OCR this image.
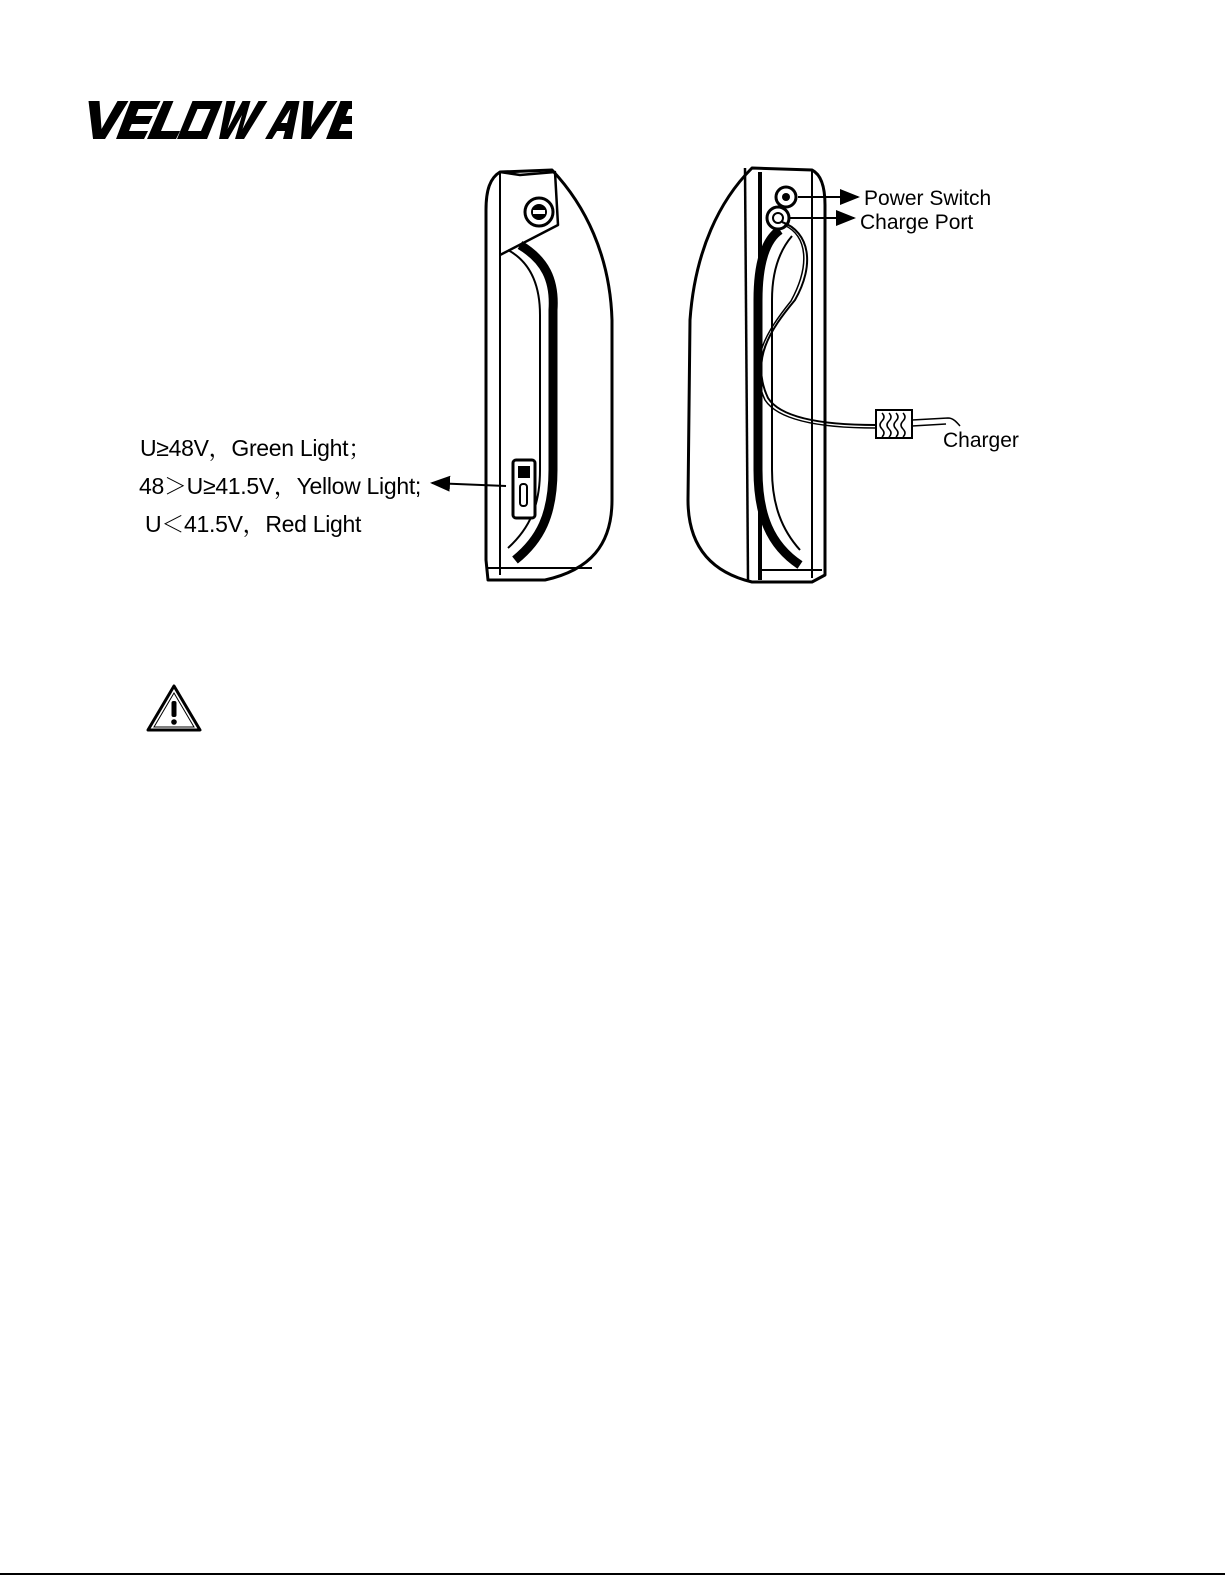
U≥48V，Green Light；
48＞U≥41.5V，Yellow Light;
U＜41.5V，Red Light
Power Switch
Charge Port
Charger
